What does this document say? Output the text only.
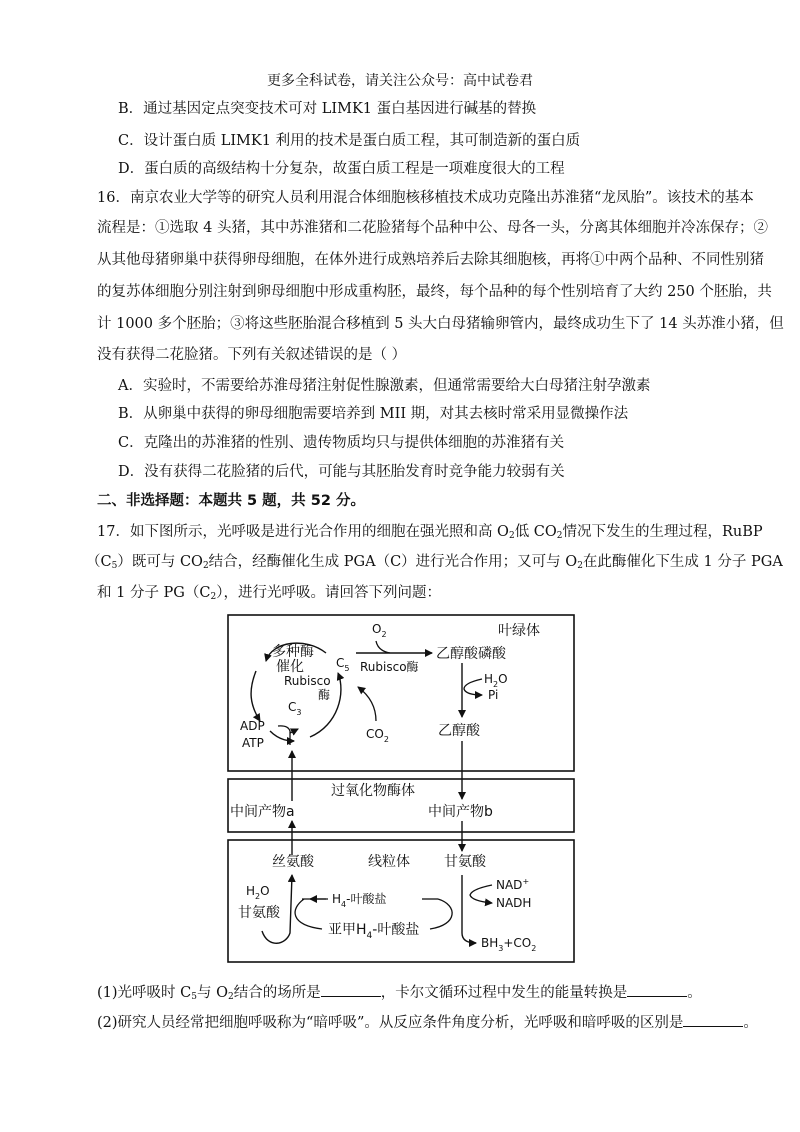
更多全科试卷，请关注公众号：高中试卷君
B．通过基因定点突变技术可对 LIMK1 蛋白基因进行碱基的替换
C．设计蛋白质 LIMK1 利用的技术是蛋白质工程，其可制造新的蛋白质
D．蛋白质的高级结构十分复杂，故蛋白质工程是一项难度很大的工程
16．南京农业大学等的研究人员利用混合体细胞核移植技术成功克隆出苏淮猪“龙凤胎”。该技术的基本
流程是：①选取 4 头猪，其中苏淮猪和二花脸猪每个品种中公、母各一头，分离其体细胞并冷冻保存；②
从其他母猪卵巢中获得卵母细胞，在体外进行成熟培养后去除其细胞核，再将①中两个品种、不同性别猪
的复苏体细胞分别注射到卵母细胞中形成重构胚，最终，每个品种的每个性别培育了大约 250 个胚胎，共
计 1000 多个胚胎；③将这些胚胎混合移植到 5 头大白母猪输卵管内，最终成功生下了 14 头苏淮小猪，但
没有获得二花脸猪。下列有关叙述错误的是（ ）
A．实验时，不需要给苏淮母猪注射促性腺激素，但通常需要给大白母猪注射孕激素
B．从卵巢中获得的卵母细胞需要培养到 MII 期，对其去核时常采用显微操作法
C．克隆出的苏淮猪的性别、遗传物质均只与提供体细胞的苏淮猪有关
D．没有获得二花脸猪的后代，可能与其胚胎发育时竞争能力较弱有关
二、非选择题：本题共 5 题，共 52 分。
17．如下图所示，光呼吸是进行光合作用的细胞在强光照和高 $O_2$低 $CO_2$情况下发生的生理过程，RuBP
$(C_5)$既可与 $CO_2$结合，经酶催化生成 PGA（C）进行光合作用；又可与 $O_2$在此酶催化下生成 1 分子 PGA
和 1 分子 $PG(C_2)$，进行光呼吸。请回答下列问题：
叶绿体
过氧化物酶体
线粒体
多种酶
催化
Rubisco
酶
$C_5$
$C_3$
ADP
ATP
$CO_2$
$O_2$
Rubisco酶
乙醇酸磷酸
$H_2O$
Pi
乙醇酸
中间产物b
中间产物a
丝氨酸	甘氨酸
$H_2O$
甘氨酸
$H_4-$叶酸盐
亚甲$H_4-$叶酸盐
NAD+
NADH
$BH_3+CO_2$
(1)光呼吸时 $C_5$与 $O_2$结合的场所是	，卡尔文循环过程中发生的能量转换是	。
(2)研究人员经常把细胞呼吸称为“暗呼吸”。从反应条件角度分析，光呼吸和暗呼吸的区别是	。
